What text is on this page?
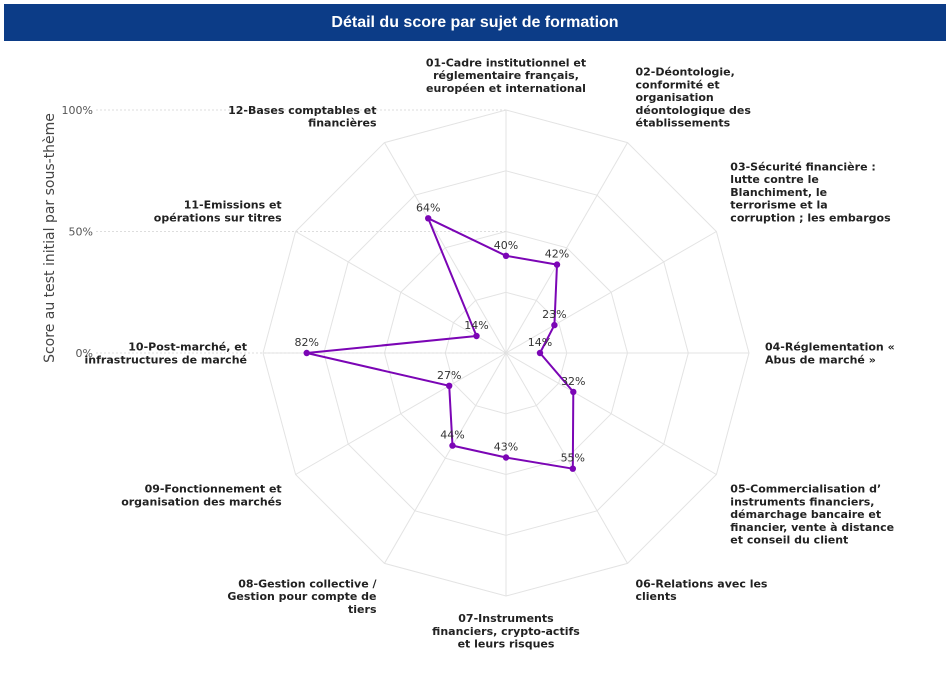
Détail du score par sujet de formation
0%
50%
100%
Score au test initial par sous-thème
01-Cadre institutionnel et réglementaire français, européen et international
02-Déontologie, conformité et organisation déontologique des établissements
03-Sécurité financière : lutte contre le Blanchiment, le terrorisme et la corruption ; les embargos
04-Réglementation « Abus de marché »
05-Commercialisation d’ instruments financiers, démarchage bancaire et financier, vente à distance et conseil du client
06-Relations avec les clients
07-Instruments financiers, crypto-actifs et leurs risques
08-Gestion collective / Gestion pour compte de tiers
09-Fonctionnement et organisation des marchés
10-Post-marché, et infrastructures de marché
11-Emissions et opérations sur titres
12-Bases comptables et financières
40%
42%
23%
14%
32%
55%
43%
44%
27%
82%
14%
64%
